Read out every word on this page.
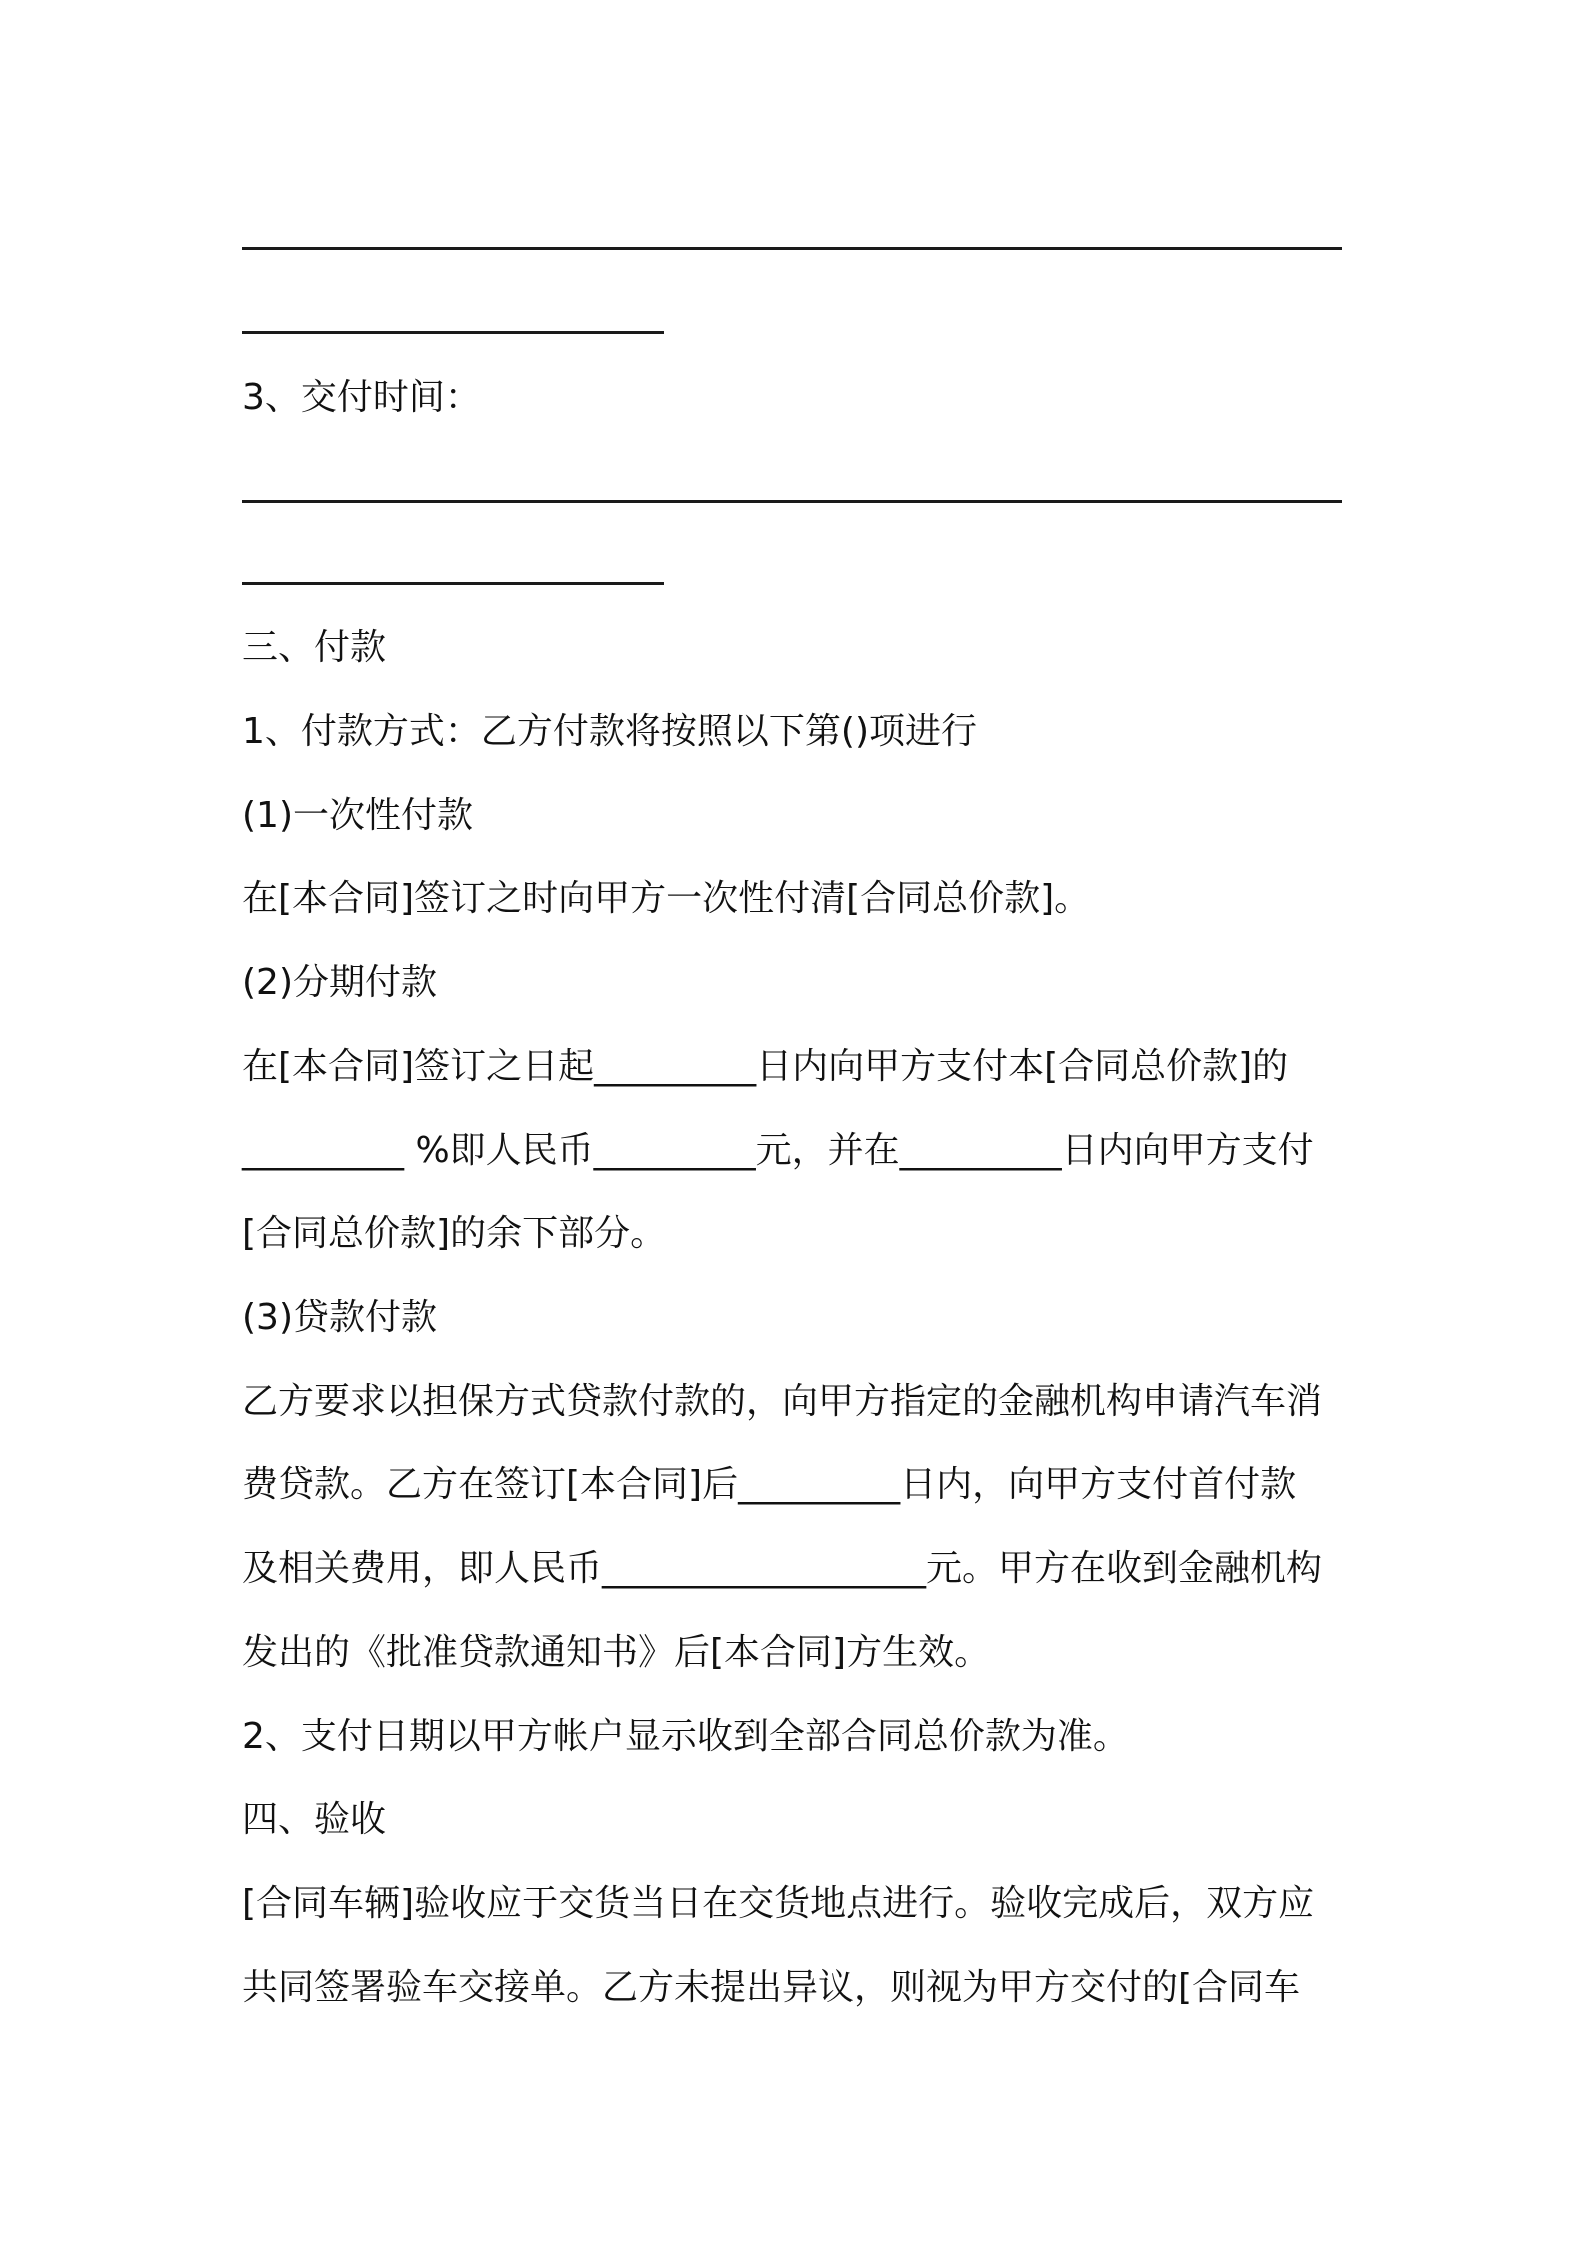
3、交付时间：
三、付款
1、付款方式：乙方付款将按照以下第()项进行
(1)一次性付款
在[本合同]签订之时向甲方一次性付清[合同总价款]。
(2)分期付款
在[本合同]签订之日起_________日内向甲方支付本[合同总价款]的
_________ %即人民币_________元，并在_________日内向甲方支付
[合同总价款]的余下部分。
(3)贷款付款
乙方要求以担保方式贷款付款的，向甲方指定的金融机构申请汽车消
费贷款。乙方在签订[本合同]后_________日内，向甲方支付首付款
及相关费用，即人民币__________________元。甲方在收到金融机构
发出的《批准贷款通知书》后[本合同]方生效。
2、支付日期以甲方帐户显示收到全部合同总价款为准。
四、验收
[合同车辆]验收应于交货当日在交货地点进行。验收完成后，双方应
共同签署验车交接单。乙方未提出异议，则视为甲方交付的[合同车
